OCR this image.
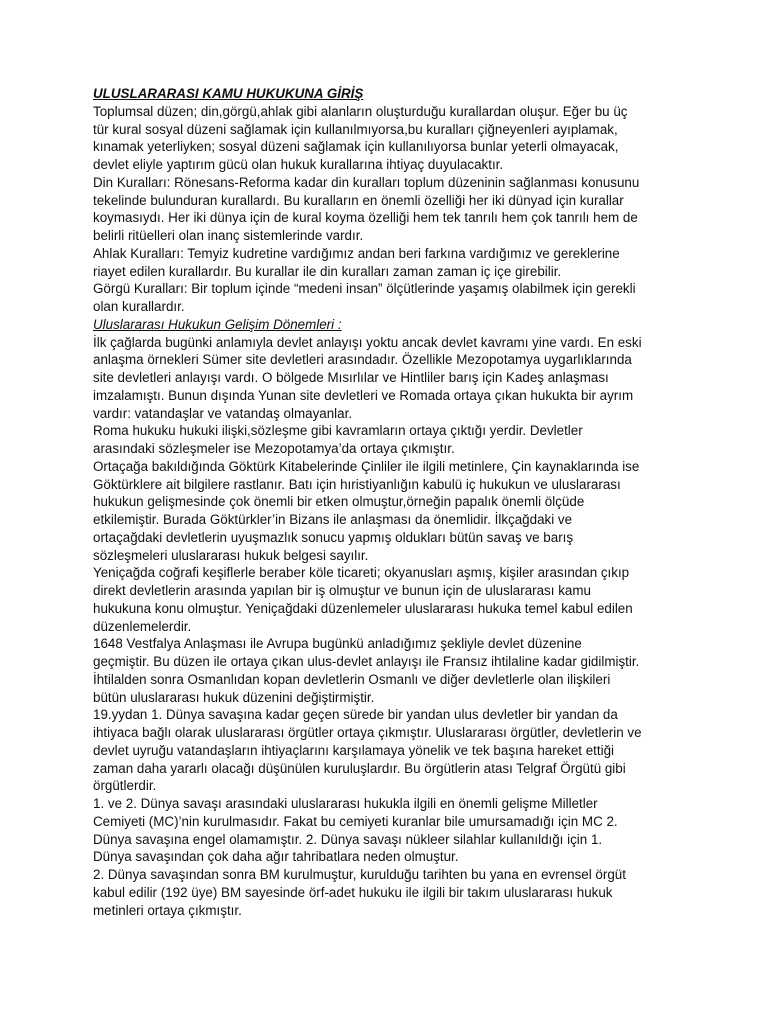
ULUSLARARASI KAMU HUKUKUNA GİRİŞ
Toplumsal düzen; din,görgü,ahlak gibi alanların oluşturduğu kurallardan oluşur. Eğer bu üç
tür kural sosyal düzeni sağlamak için kullanılmıyorsa,bu kuralları çiğneyenleri ayıplamak,
kınamak yeterliyken; sosyal düzeni sağlamak için kullanılıyorsa bunlar yeterli olmayacak,
devlet eliyle yaptırım gücü olan hukuk kurallarına ihtiyaç duyulacaktır.
Din Kuralları: Rönesans-Reforma kadar din kuralları toplum düzeninin sağlanması konusunu
tekelinde bulunduran kurallardı. Bu kuralların en önemli özelliği her iki dünyad için kurallar
koymasıydı. Her iki dünya için de kural koyma özelliği hem tek tanrılı hem çok tanrılı hem de
belirli ritüelleri olan inanç sistemlerinde vardır.
Ahlak Kuralları: Temyiz kudretine vardığımız andan beri farkına vardığımız ve gereklerine
riayet edilen kurallardır. Bu kurallar ile din kuralları zaman zaman iç içe girebilir.
Görgü Kuralları: Bir toplum içinde “medeni insan” ölçütlerinde yaşamış olabilmek için gerekli
olan kurallardır.
Uluslararası Hukukun Gelişim Dönemleri :
İlk çağlarda bugünki anlamıyla devlet anlayışı yoktu ancak devlet kavramı yine vardı. En eski
anlaşma örnekleri Sümer site devletleri arasındadır. Özellikle Mezopotamya uygarlıklarında
site devletleri anlayışı vardı. O bölgede Mısırlılar ve Hintliler barış için Kadeş anlaşması
imzalamıştı. Bunun dışında Yunan site devletleri ve Romada ortaya çıkan hukukta bir ayrım
vardır: vatandaşlar ve vatandaş olmayanlar.
Roma hukuku hukuki ilişki,sözleşme gibi kavramların ortaya çıktığı yerdir. Devletler
arasındaki sözleşmeler ise Mezopotamya’da ortaya çıkmıştır.
Ortaçağa bakıldığında Göktürk Kitabelerinde Çinliler ile ilgili metinlere, Çin kaynaklarında ise
Göktürklere ait bilgilere rastlanır. Batı için hıristiyanlığın kabulü iç hukukun ve uluslararası
hukukun gelişmesinde çok önemli bir etken olmuştur,örneğin papalık önemli ölçüde
etkilemiştir. Burada Göktürkler’in Bizans ile anlaşması da önemlidir. İlkçağdaki ve
ortaçağdaki devletlerin uyuşmazlık sonucu yapmış oldukları bütün savaş ve barış
sözleşmeleri uluslararası hukuk belgesi sayılır.
Yeniçağda coğrafi keşiflerle beraber köle ticareti; okyanusları aşmış, kişiler arasından çıkıp
direkt devletlerin arasında yapılan bir iş olmuştur ve bunun için de uluslararası kamu
hukukuna konu olmuştur. Yeniçağdaki düzenlemeler uluslararası hukuka temel kabul edilen
düzenlemelerdir.
1648 Vestfalya Anlaşması ile Avrupa bugünkü anladığımız şekliyle devlet düzenine
geçmiştir. Bu düzen ile ortaya çıkan ulus-devlet anlayışı ile Fransız ihtilaline kadar gidilmiştir.
İhtilalden sonra Osmanlıdan kopan devletlerin Osmanlı ve diğer devletlerle olan ilişkileri
bütün uluslararası hukuk düzenini değiştirmiştir.
19.yydan 1. Dünya savaşına kadar geçen sürede bir yandan ulus devletler bir yandan da
ihtiyaca bağlı olarak uluslararası örgütler ortaya çıkmıştır. Uluslararası örgütler, devletlerin ve
devlet uyruğu vatandaşların ihtiyaçlarını karşılamaya yönelik ve tek başına hareket ettiği
zaman daha yararlı olacağı düşünülen kuruluşlardır. Bu örgütlerin atası Telgraf Örgütü gibi
örgütlerdir.
1. ve 2. Dünya savaşı arasındaki uluslararası hukukla ilgili en önemli gelişme Milletler
Cemiyeti (MC)’nin kurulmasıdır. Fakat bu cemiyeti kuranlar bile umursamadığı için MC 2.
Dünya savaşına engel olamamıştır. 2. Dünya savaşı nükleer silahlar kullanıldığı için 1.
Dünya savaşından çok daha ağır tahribatlara neden olmuştur.
2. Dünya savaşından sonra BM kurulmuştur, kurulduğu tarihten bu yana en evrensel örgüt
kabul edilir (192 üye) BM sayesinde örf-adet hukuku ile ilgili bir takım uluslararası hukuk
metinleri ortaya çıkmıştır.
